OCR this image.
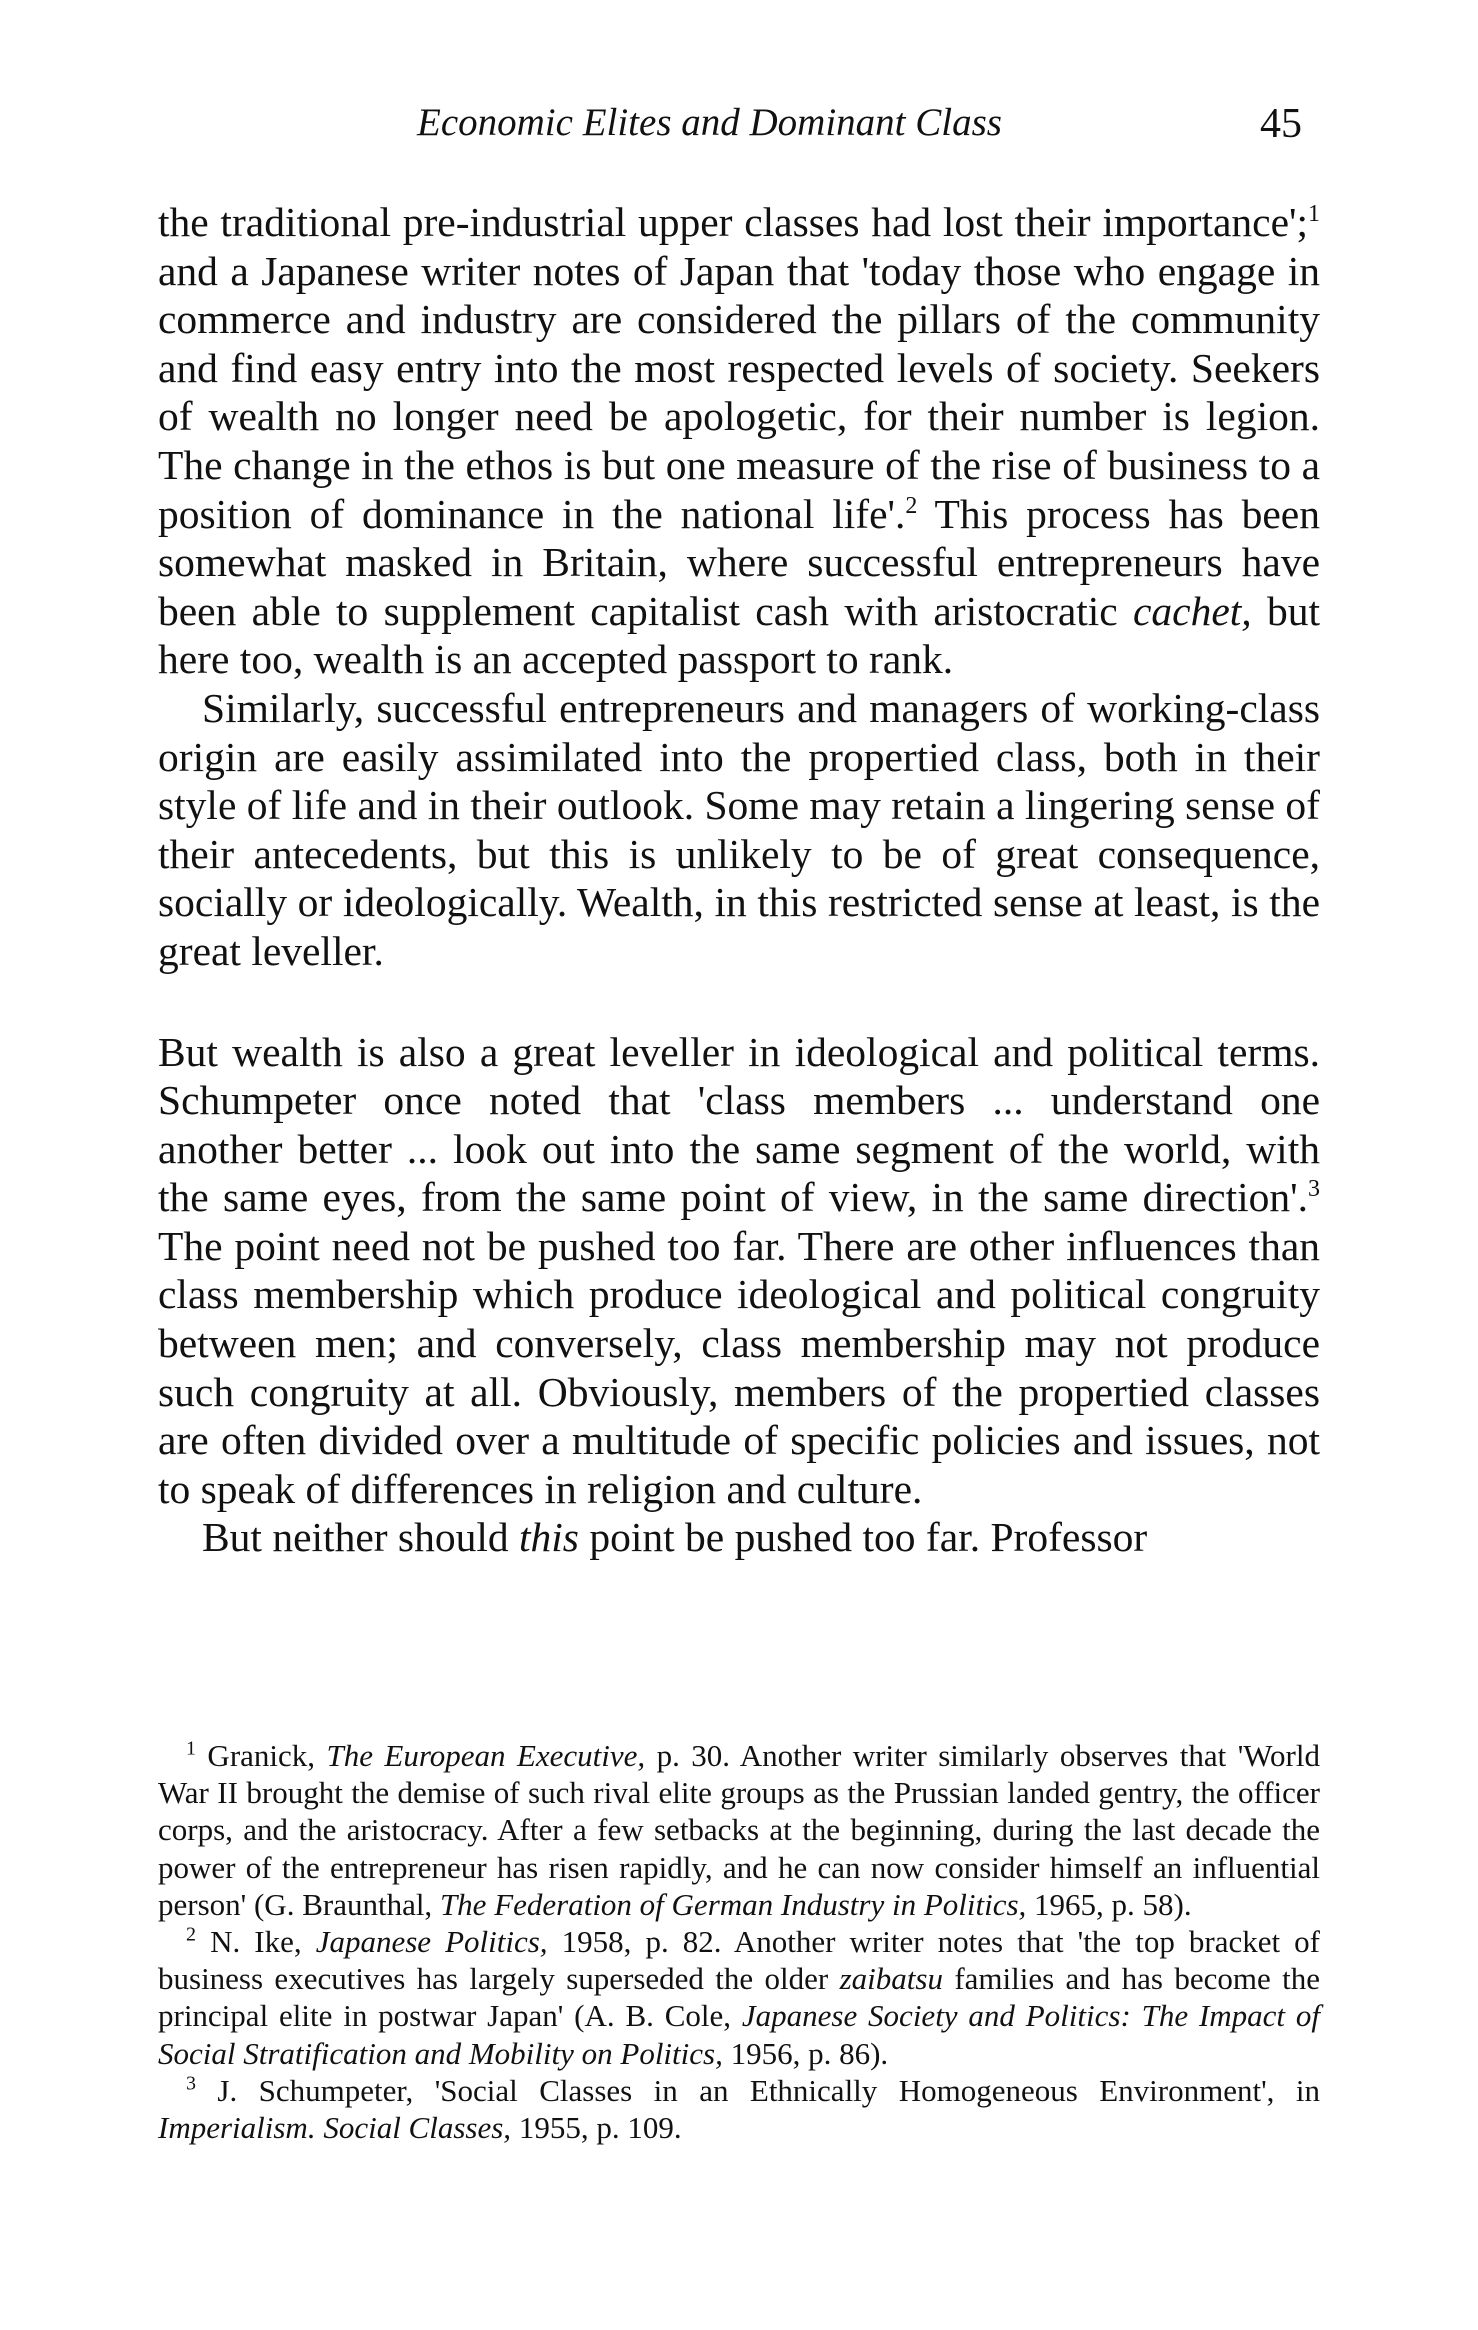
Economic Elites and Dominant Class	45

the traditional pre-industrial upper classes had lost their importance';$^1$ and a Japanese writer notes of Japan that 'today those who engage in commerce and industry are considered the pillars of the community and find easy entry into the most respected levels of society. Seekers of wealth no longer need be apologetic, for their number is legion. The change in the ethos is but one measure of the rise of business to a position of dominance in the national life'.$^2$ This process has been somewhat masked in Britain, where successful entrepreneurs have been able to supplement capitalist cash with aristocratic cachet, but here too, wealth is an accepted passport to rank.

Similarly, successful entrepreneurs and managers of working-class origin are easily assimilated into the propertied class, both in their style of life and in their outlook. Some may retain a lingering sense of their antecedents, but this is unlikely to be of great consequence, socially or ideologically. Wealth, in this restricted sense at least, is the great leveller.

But wealth is also a great leveller in ideological and political terms. Schumpeter once noted that 'class members ... understand one another better ... look out into the same segment of the world, with the same eyes, from the same point of view, in the same direction'.$^3$ The point need not be pushed too far. There are other influences than class membership which produce ideological and political congruity between men; and conversely, class membership may not produce such congruity at all. Obviously, members of the propertied classes are often divided over a multitude of specific policies and issues, not to speak of differences in religion and culture.

But neither should this point be pushed too far. Professor

$^1$ Granick, The European Executive, p. 30. Another writer similarly observes that 'World War II brought the demise of such rival elite groups as the Prussian landed gentry, the officer corps, and the aristocracy. After a few setbacks at the beginning, during the last decade the power of the entrepreneur has risen rapidly, and he can now consider himself an influential person' (G. Braunthal, The Federation of German Industry in Politics, 1965, p. 58).

$^2$ N. Ike, Japanese Politics, 1958, p. 82. Another writer notes that 'the top bracket of business executives has largely superseded the older zaibatsu families and has become the principal elite in postwar Japan' (A. B. Cole, Japanese Society and Politics: The Impact of Social Stratification and Mobility on Politics, 1956, p. 86).

$^3$ J. Schumpeter, 'Social Classes in an Ethnically Homogeneous Environment', in Imperialism. Social Classes, 1955, p. 109.
